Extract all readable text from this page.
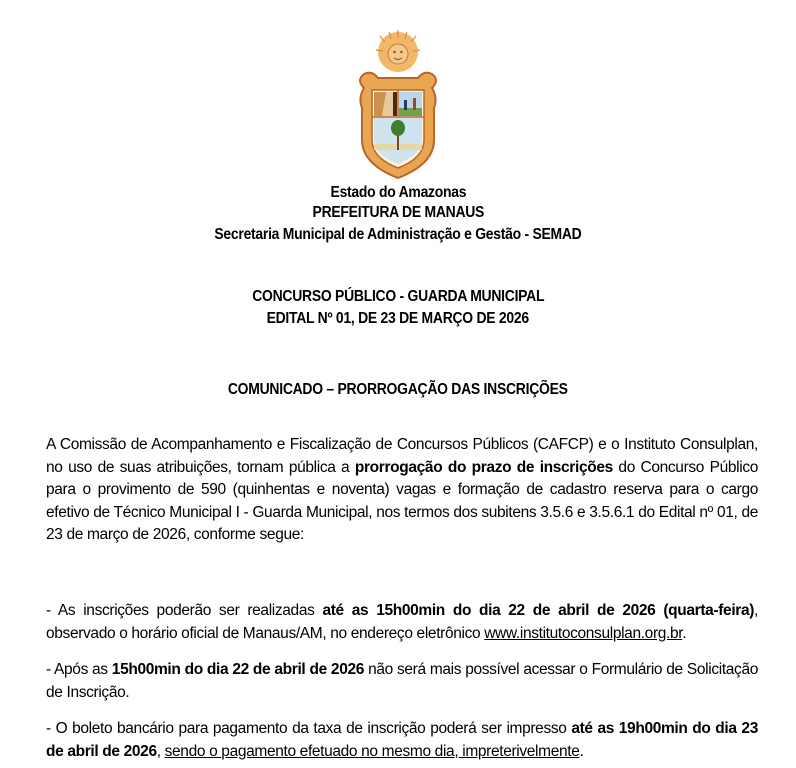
Estado do Amazonas
PREFEITURA DE MANAUS
Secretaria Municipal de Administração e Gestão - SEMAD
CONCURSO PÚBLICO - GUARDA MUNICIPAL
EDITAL Nº 01, DE 23 DE MARÇO DE 2026
COMUNICADO – PRORROGAÇÃO DAS INSCRIÇÕES
A Comissão de Acompanhamento e Fiscalização de Concursos Públicos (CAFCP) e o Instituto Consulplan, no uso de suas atribuições, tornam pública a prorrogação do prazo de inscrições do Concurso Público para o provimento de 590 (quinhentas e noventa) vagas e formação de cadastro reserva para o cargo efetivo de Técnico Municipal I - Guarda Municipal, nos termos dos subitens 3.5.6 e 3.5.6.1 do Edital nº 01, de 23 de março de 2026, conforme segue:
- As inscrições poderão ser realizadas até as 15h00min do dia 22 de abril de 2026 (quarta-feira), observado o horário oficial de Manaus/AM, no endereço eletrônico www.institutoconsulplan.org.br.
- Após as 15h00min do dia 22 de abril de 2026 não será mais possível acessar o Formulário de Solicitação de Inscrição.
- O boleto bancário para pagamento da taxa de inscrição poderá ser impresso até as 19h00min do dia 23 de abril de 2026, sendo o pagamento efetuado no mesmo dia, impreterivelmente.
